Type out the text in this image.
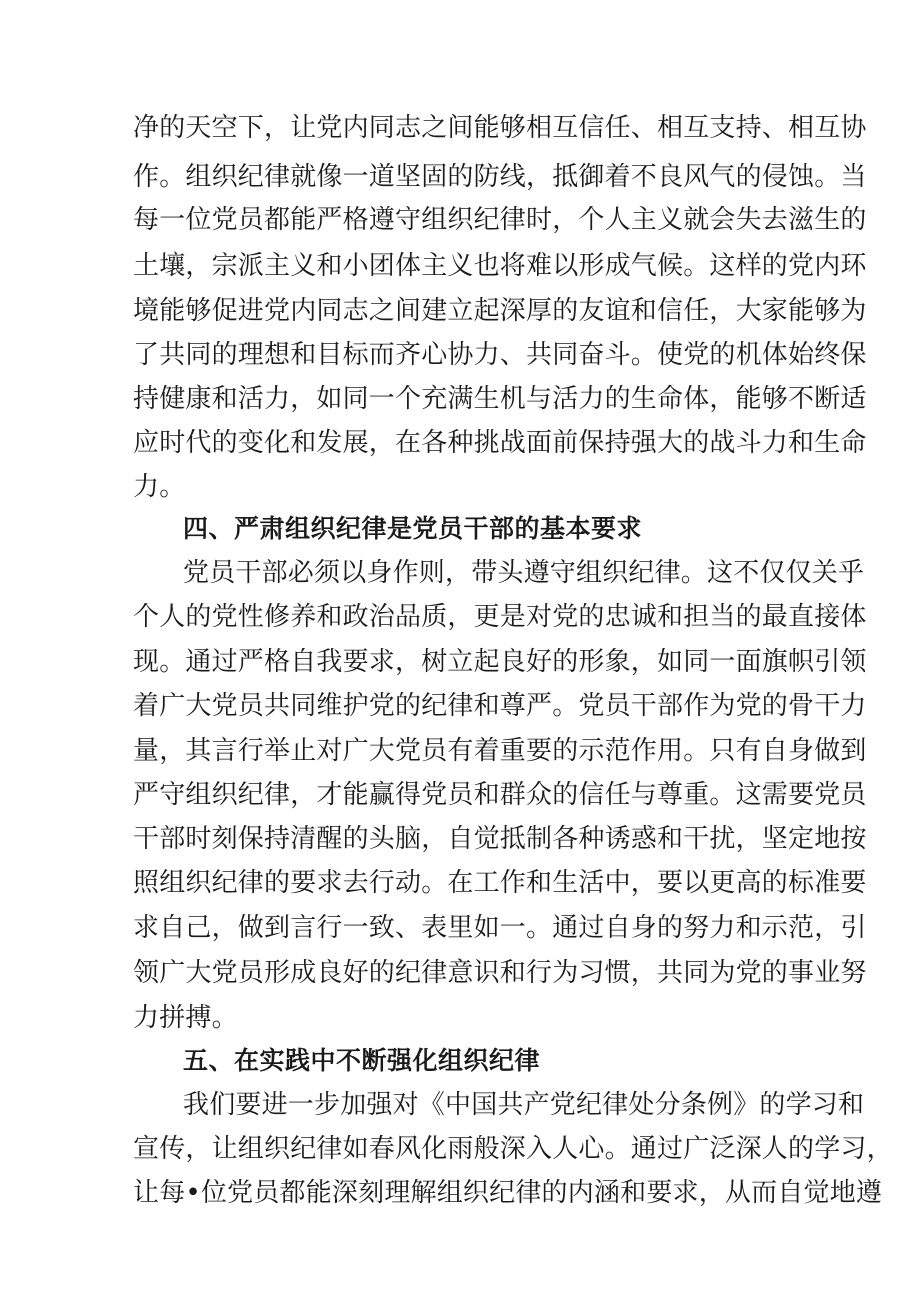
净的天空下，让党内同志之间能够相互信任、相互支持、相互协
作。组织纪律就像一道坚固的防线，抵御着不良风气的侵蚀。当
每一位党员都能严格遵守组织纪律时，个人主义就会失去滋生的
土壤，宗派主义和小团体主义也将难以形成气候。这样的党内环
境能够促进党内同志之间建立起深厚的友谊和信任，大家能够为
了共同的理想和目标而齐心协力、共同奋斗。使党的机体始终保
持健康和活力，如同一个充满生机与活力的生命体，能够不断适
应时代的变化和发展，在各种挑战面前保持强大的战斗力和生命
力。
四、严肃组织纪律是党员干部的基本要求
党员干部必须以身作则，带头遵守组织纪律。这不仅仅关乎
个人的党性修养和政治品质，更是对党的忠诚和担当的最直接体
现。通过严格自我要求，树立起良好的形象，如同一面旗帜引领
着广大党员共同维护党的纪律和尊严。党员干部作为党的骨干力
量，其言行举止对广大党员有着重要的示范作用。只有自身做到
严守组织纪律，才能赢得党员和群众的信任与尊重。这需要党员
干部时刻保持清醒的头脑，自觉抵制各种诱惑和干扰，坚定地按
照组织纪律的要求去行动。在工作和生活中，要以更高的标准要
求自己，做到言行一致、表里如一。通过自身的努力和示范，引
领广大党员形成良好的纪律意识和行为习惯，共同为党的事业努
力拼搏。
五、在实践中不断强化组织纪律
我们要进一步加强对《中国共产党纪律处分条例》的学习和
宣传，让组织纪律如春风化雨般深入人心。通过广泛深人的学习，
让每•位党员都能深刻理解组织纪律的内涵和要求，从而自觉地遵
